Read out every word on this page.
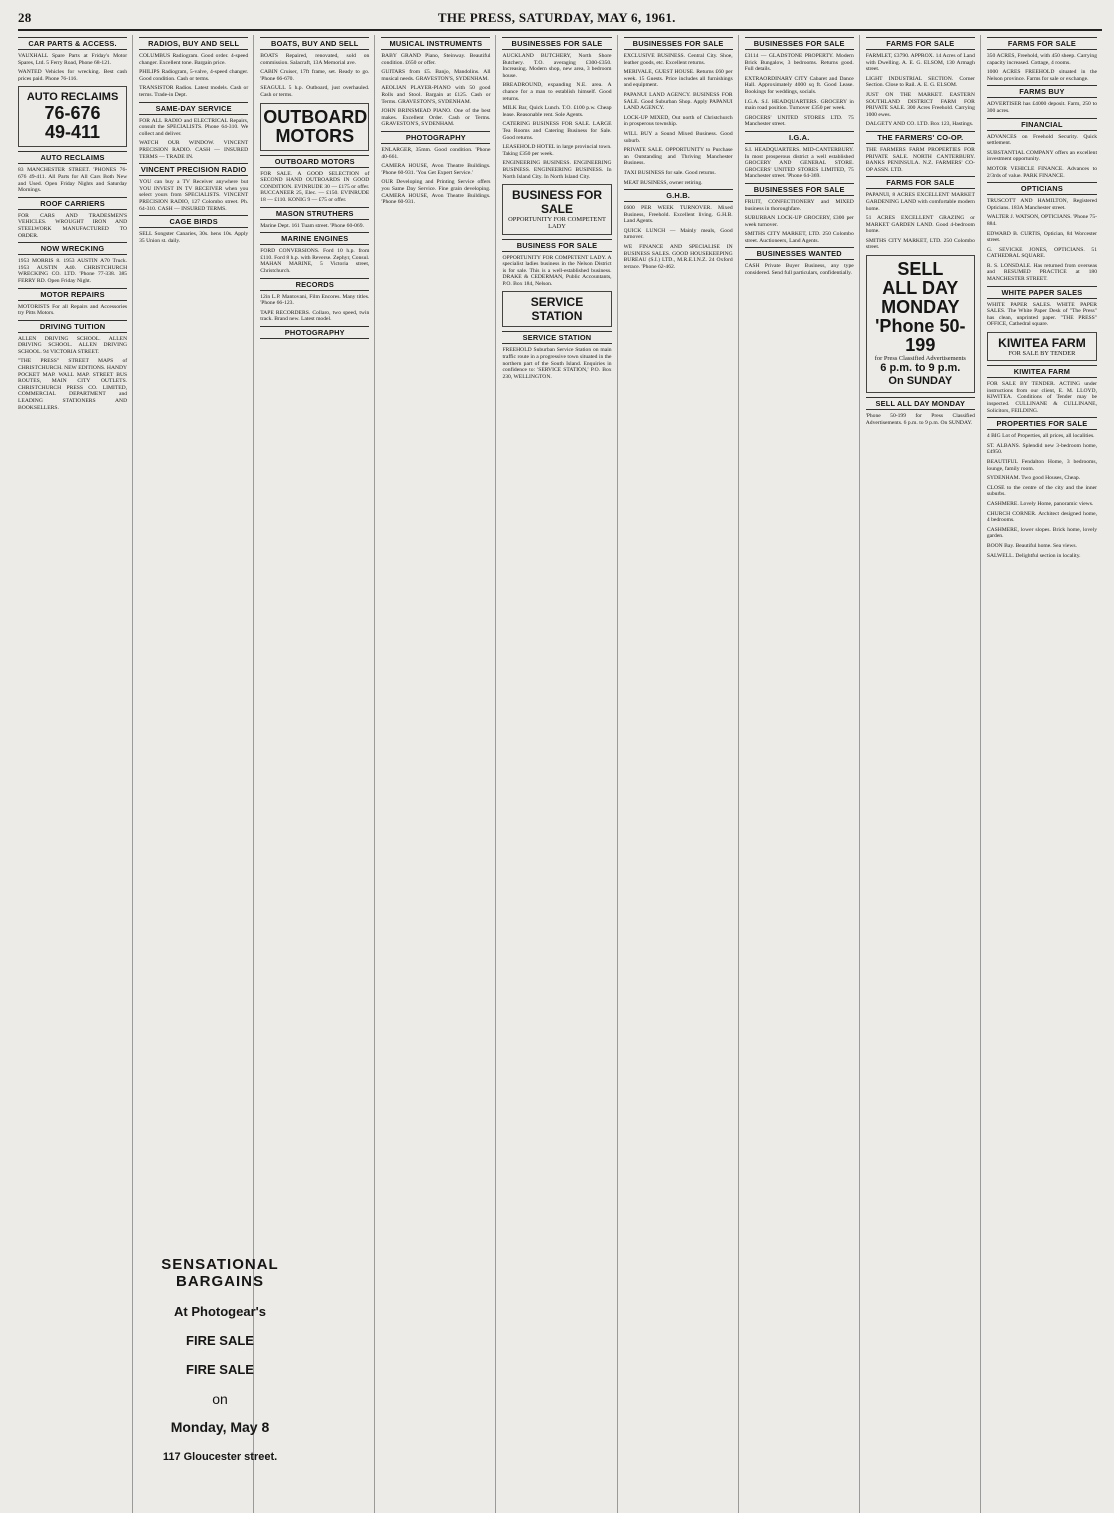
28	THE PRESS, SATURDAY, MAY 6, 1961.
CAR PARTS & ACCESS.
VAUXHALL Spare Parts at Friday's Motor Spares, Ltd. 5 Ferry Road, Phone 68-121.
WANTED Vehicles for wrecking. Best cash prices paid. Phone 76-116.
AUTO RECLAIMS
76-676
49-411
AUTO RECLAIMS
83 MANCHESTER STREET. 'PHONES 76-676 49-411. All Parts for All Cars Both New and Used. Open Friday Nights and Saturday Mornings.
ROOF CARRIERS
FOR CARS AND TRADESMEN'S VEHICLES. WROUGHT IRON AND STEELWORK MANUFACTURED TO ORDER.
NOW WRECKING
1953 MORRIS 8. 1953 AUSTIN A70 Truck. 1953 AUSTIN A40. CHRISTCHURCH WRECKING CO. LTD. 'Phone 77-338. 385 FERRY RD. Open Friday Night.
MOTOR REPAIRS
MOTORISTS For all Repairs and Accessories try Pitts Motors.
DRIVING TUITION
ALLEN DRIVING SCHOOL. ALLEN DRIVING SCHOOL. ALLEN DRIVING SCHOOL. 94 VICTORIA STREET.
"THE PRESS" STREET MAPS of CHRISTCHURCH. NEW EDITIONS. HANDY POCKET MAP. WALL MAP. STREET BUS ROUTES, MAIN CITY OUTLETS. CHRISTCHURCH PRESS CO. LIMITED, COMMERCIAL DEPARTMENT and LEADING STATIONERS AND BOOKSELLERS.
RADIOS, BUY AND SELL
COLUMBUS Radiogram. Good order. 4-speed changer. Excellent tone. Bargain price.
PHILIPS Radiogram, 5-valve, 4-speed changer. Good condition. Cash or terms.
TRANSISTOR Radios. Latest models. Cash or terms. Trade-in Dept.
SAME-DAY SERVICE
FOR ALL RADIO and ELECTRICAL Repairs, consult the SPECIALISTS. Phone 64-310. We collect and deliver.
WATCH OUR WINDOW. VINCENT PRECISION RADIO. CASH — INSURED TERMS — TRADE IN.
VINCENT PRECISION RADIO
YOU can buy a TV Receiver anywhere but YOU INVEST IN TV RECEIVER when you select yours from SPECIALISTS. VINCENT PRECISION RADIO, 127 Colombo street. Ph. 64-310. CASH — INSURED TERMS.
CAGE BIRDS
SELL Songster Canaries, 30s. hens 10s. Apply 35 Union st. daily.
BOATS, BUY AND SELL
BOATS Repaired, renovated, sold on commission. Salacraft, 13A Memorial ave.
CABIN Cruiser, 17ft frame, set. Ready to go. 'Phone 66-670.
SEAGULL 5 h.p. Outboard, just overhauled. Cash or terms.
OUTBOARD MOTORS
OUTBOARD MOTORS
FOR SALE. A GOOD SELECTION of SECOND HAND OUTBOARDS IN GOOD CONDITION. EVINRUDE 30 — £175 or offer. BUCCANEER 25, Elec. — £150. EVINRUDE 18 — £110. KONIG 9 — £75 or offer.
MASON STRUTHERS
Marine Dept. 161 Tuam street. 'Phone 60-069.
MARINE ENGINES
FORD CONVERSIONS. Ford 10 h.p. from £110. Ford 8 h.p. with Reverse. Zephyr, Consul. MAHAN MARINE, 5 Victoria street, Christchurch.
RECORDS
12in L.P. Mantovani, Film Encores. Many titles. 'Phone 66-123.
TAPE RECORDERS. Collaro, two speed, twin track. Brand new. Latest model.
PHOTOGRAPHY
MUSICAL INSTRUMENTS
BABY GRAND Piano, Steinway. Beautiful condition. £650 or offer.
GUITARS from £5. Banjo, Mandolins. All musical needs. GRAVESTON'S, SYDENHAM.
AEOLIAN PLAYER-PIANO with 50 good Rolls and Stool. Bargain at £125. Cash or Terms. GRAVESTON'S, SYDENHAM.
JOHN BRINSMEAD PIANO. One of the best makes. Excellent Order. Cash or Terms. GRAVESTON'S, SYDENHAM.
PHOTOGRAPHY
ENLARGER, 35mm. Good condition. 'Phone 40-661.
CAMERA HOUSE, Avon Theatre Buildings. 'Phone 60-931. 'You Get Expert Service.'
OUR Developing and Printing Service offers you Same Day Service. Fine grain developing. CAMERA HOUSE, Avon Theatre Buildings. 'Phone 60-931.
BUSINESSES FOR SALE
AUCKLAND BUTCHERY, North Shore Butchery. T.O. averaging £300-£350. Increasing. Modern shop, new area, 3 bedroom house.
BREADROUND, expanding N.E. area. A chance for a man to establish himself. Good returns.
MILK Bar, Quick Lunch. T.O. £100 p.w. Cheap lease. Reasonable rent. Sole Agents.
CATERING BUSINESS FOR SALE. LARGE Tea Rooms and Catering Business for Sale. Good returns.
LEASEHOLD HOTEL in large provincial town. Taking £350 per week.
ENGINEERING BUSINESS. ENGINEERING BUSINESS. ENGINEERING BUSINESS. In North Island City. In North Island City.
BUSINESS FOR SALE
OPPORTUNITY FOR COMPETENT LADY
BUSINESS FOR SALE
OPPORTUNITY FOR COMPETENT LADY. A specialist ladies business in the Nelson District is for sale. This is a well-established business. DRAKE & CEDERMAN, Public Accountants, P.O. Box 184, Nelson.
SERVICE STATION
SERVICE STATION
FREEHOLD Suburban Service Station on main traffic route in a progressive town situated in the northern part of the South Island. Enquiries in confidence to: 'SERVICE STATION,' P.O. Box 230, WELLINGTON.
BUSINESSES FOR SALE
EXCLUSIVE BUSINESS. Central City. Shoe, leather goods, etc. Excellent returns.
MERIVALE, GUEST HOUSE. Returns £60 per week. 15 Guests. Price includes all furnishings and equipment.
PAPANUI LAND AGENCY. BUSINESS FOR SALE. Good Suburban Shop. Apply PAPANUI LAND AGENCY.
LOCK-UP MIXED, Out north of Christchurch in prosperous township.
WILL BUY a Sound Mixed Business. Good suburb.
PRIVATE SALE. OPPORTUNITY to Purchase an Outstanding and Thriving Manchester Business.
TAXI BUSINESS for sale. Good returns.
MEAT BUSINESS, owner retiring.
G.H.B.
£600 PER WEEK TURNOVER. Mixed Business, Freehold. Excellent living. G.H.B. Land Agents.
QUICK LUNCH — Mainly meals, Good turnover.
WE FINANCE AND SPECIALISE IN BUSINESS SALES. GOOD HOUSEKEEPING BUREAU (S.I.) LTD., M.R.E.I.N.Z. 24 Oxford terrace. 'Phone 62-462.
BUSINESSES FOR SALE
£3114 — GLADSTONE PROPERTY. Modern Brick Bungalow, 3 bedrooms. Returns good. Full details.
EXTRAORDINARY CITY Cabaret and Dance Hall. Approximately 4000 sq ft. Good Lease. Bookings for weddings, socials.
I.G.A. S.I. HEADQUARTERS. GROCERY in main road position. Turnover £350 per week.
GROCERS' UNITED STORES LTD. 75 Manchester street.
I.G.A.
S.I. HEADQUARTERS. MID-CANTERBURY. In most prosperous district a well established GROCERY AND GENERAL STORE. GROCERS' UNITED STORES LIMITED, 75 Manchester street. 'Phone 64-369.
BUSINESSES FOR SALE
FRUIT, CONFECTIONERY and MIXED business in thoroughfare.
SUBURBAN LOCK-UP GROCERY, £300 per week turnover.
SMITHS CITY MARKET, LTD. 250 Colombo street. Auctioneers, Land Agents.
BUSINESSES WANTED
CASH Private Buyer Business, any type considered. Send full particulars, confidentially.
FARMS FOR SALE
FARMLET, £3790. APPROX. 14 Acres of Land with Dwelling. A. E. G. ELSOM, 130 Armagh street.
LIGHT INDUSTRIAL SECTION. Corner Section. Close to Rail. A. E. G. ELSOM.
JUST ON THE MARKET. EASTERN SOUTHLAND DISTRICT FARM FOR PRIVATE SALE. 300 Acres Freehold. Carrying 1000 ewes.
DALGETY AND CO. LTD. Box 123, Hastings.
THE FARMERS' CO-OP.
THE FARMERS FARM PROPERTIES FOR PRIVATE SALE. NORTH CANTERBURY. BANKS PENINSULA. N.Z. FARMERS' CO-OP ASSN. LTD.
FARMS FOR SALE
PAPANUI, 8 ACRES EXCELLENT MARKET GARDENING LAND with comfortable modern home.
51 ACRES EXCELLENT GRAZING or MARKET GARDEN LAND. Good 4-bedroom home.
SMITHS CITY MARKET, LTD. 250 Colombo street.
SELL
ALL DAY
MONDAY
'Phone 50-199
for Press Classified Advertisements
6 p.m. to 9 p.m.
On SUNDAY
SELL ALL DAY MONDAY
'Phone 50-199 for Press Classified Advertisements. 6 p.m. to 9 p.m. On SUNDAY.
FARMS FOR SALE
350 ACRES, Freehold, with 450 sheep. Carrying capacity increased. Cottage, 4 rooms.
1000 ACRES FREEHOLD situated in the Nelson province. Farms for sale or exchange.
FARMS BUY
ADVERTISER has £4000 deposit. Farm, 250 to 300 acres.
FINANCIAL
ADVANCES on Freehold Security. Quick settlement.
SUBSTANTIAL COMPANY offers an excellent investment opportunity.
MOTOR VEHICLE FINANCE. Advances to 2/3rds of value. PARK FINANCE.
OPTICIANS
TRUSCOTT AND HAMILTON, Registered Opticians. 183A Manchester street.
WALTER J. WATSON, OPTICIANS. 'Phone 75-884.
EDWARD B. CURTIS, Optician, 84 Worcester street.
G. SEVICKE JONES, OPTICIANS. 51 CATHEDRAL SQUARE.
R. S. LONSDALE. Has returned from overseas and RESUMED PRACTICE at 180 MANCHESTER STREET.
WHITE PAPER SALES
WHITE PAPER SALES. WHITE PAPER SALES. The White Paper Desk of "The Press" has clean, unprinted paper. "THE PRESS" OFFICE, Cathedral square.
KIWITEA FARM
FOR SALE BY TENDER
KIWITEA FARM
FOR SALE BY TENDER. ACTING under instructions from our client, E. M. LLOYD, KIWITEA. Conditions of Tender may be inspected. CULLINANE & CULLINANE, Solicitors, FEILDING.
PROPERTIES FOR SALE
4 BIG Lot of Properties, all prices, all localities.
ST. ALBANS. Splendid new 3-bedroom home, £4950.
BEAUTIFUL Fendalton Home, 3 bedrooms, lounge, family room.
SYDENHAM. Two good Houses, Cheap.
CLOSE to the centre of the city and the inner suburbs.
CASHMERE. Lovely Home, panoramic views.
CHURCH CORNER. Architect designed home, 4 bedrooms.
CASHMERE, lower slopes. Brick home, lovely garden.
BOON Bay. Beautiful home. Sea views.
SALWELL. Delightful section in locality.
SENSATIONAL BARGAINS
At Photogear's
FIRE SALE
FIRE SALE
on
Monday, May 8
117 Gloucester street.
